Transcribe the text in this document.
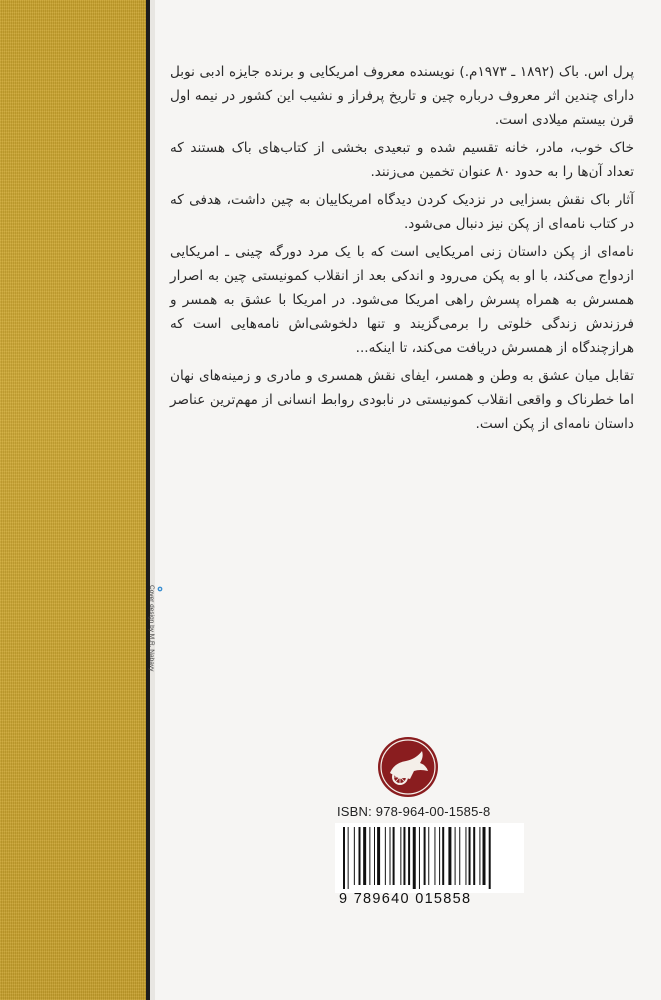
پرل اس. باک (۱۸۹۲ ـ ۱۹۷۳م.) نویسنده معروف امریکایی و برنده جایزه ادبی نوبل دارای چندین اثر معروف درباره چین و تاریخ پرفراز و نشیب این کشور در نیمه اول قرن بیستم میلادی است.

خاک خوب، مادر، خانه تقسیم شده و تبعیدی بخشی از کتاب‌های باک هستند که تعداد آن‌ها را به حدود ۸۰ عنوان تخمین می‌زنند.

آثار باک نقش بسزایی در نزدیک کردن دیدگاه امریکاییان به چین داشت، هدفی که در کتاب نامه‌ای از پکن نیز دنبال می‌شود.

نامه‌ای از پکن داستان زنی امریکایی است که با یک مرد دورگه چینی ـ امریکایی ازدواج می‌کند، با او به پکن می‌رود و اندکی بعد از انقلاب کمونیستی چین به اصرار همسرش به همراه پسرش راهی امریکا می‌شود. در امریکا با عشق به همسر و فرزندش زندگی خلوتی را برمی‌گزیند و تنها دلخوشی‌اش نامه‌هایی است که هرازچندگاه از همسرش دریافت می‌کند، تا اینکه...

تقابل میان عشق به وطن و همسر، ایفای نقش همسری و مادری و زمینه‌های نهان اما خطرناک و واقعی انقلاب کمونیستی در نابودی روابط انسانی از مهم‌ترین عناصر داستان نامه‌ای از پکن است.

Cover design by M.R. Nabavy
ISBN: 978-964-00-1585-8
9 789640 015858
